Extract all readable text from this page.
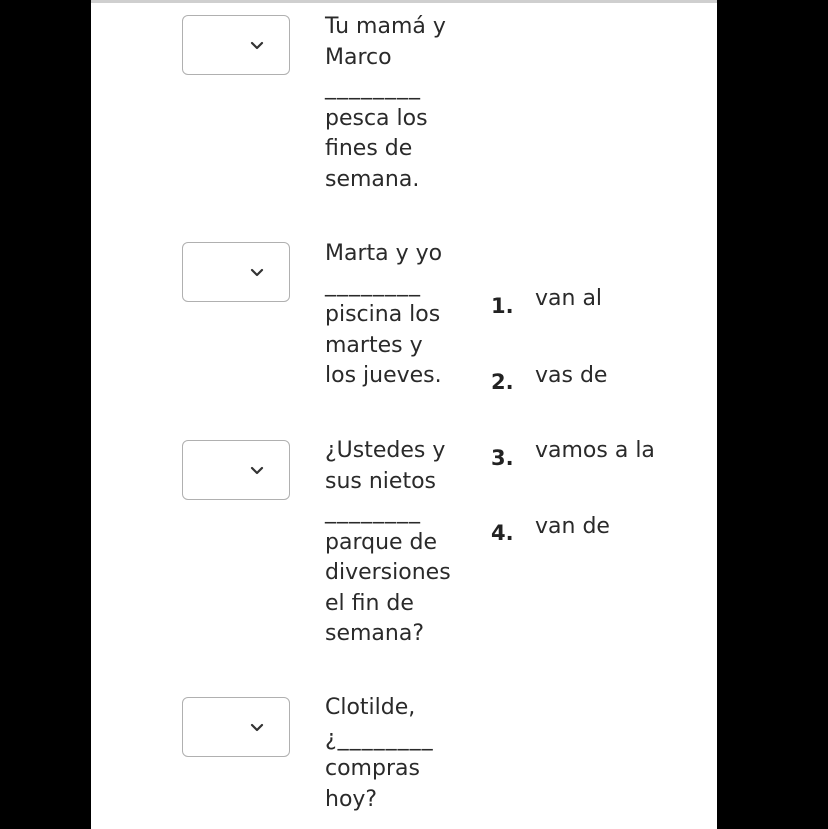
Tu mamá y
Marco
________
pesca los
fines de
semana.
Marta y yo
________
piscina los
martes y
los jueves.
¿Ustedes y
sus nietos
________
parque de
diversiones
el fin de
semana?
Clotilde,
¿________
compras
hoy?
1. van al
2. vas de
3. vamos a la
4. van de
